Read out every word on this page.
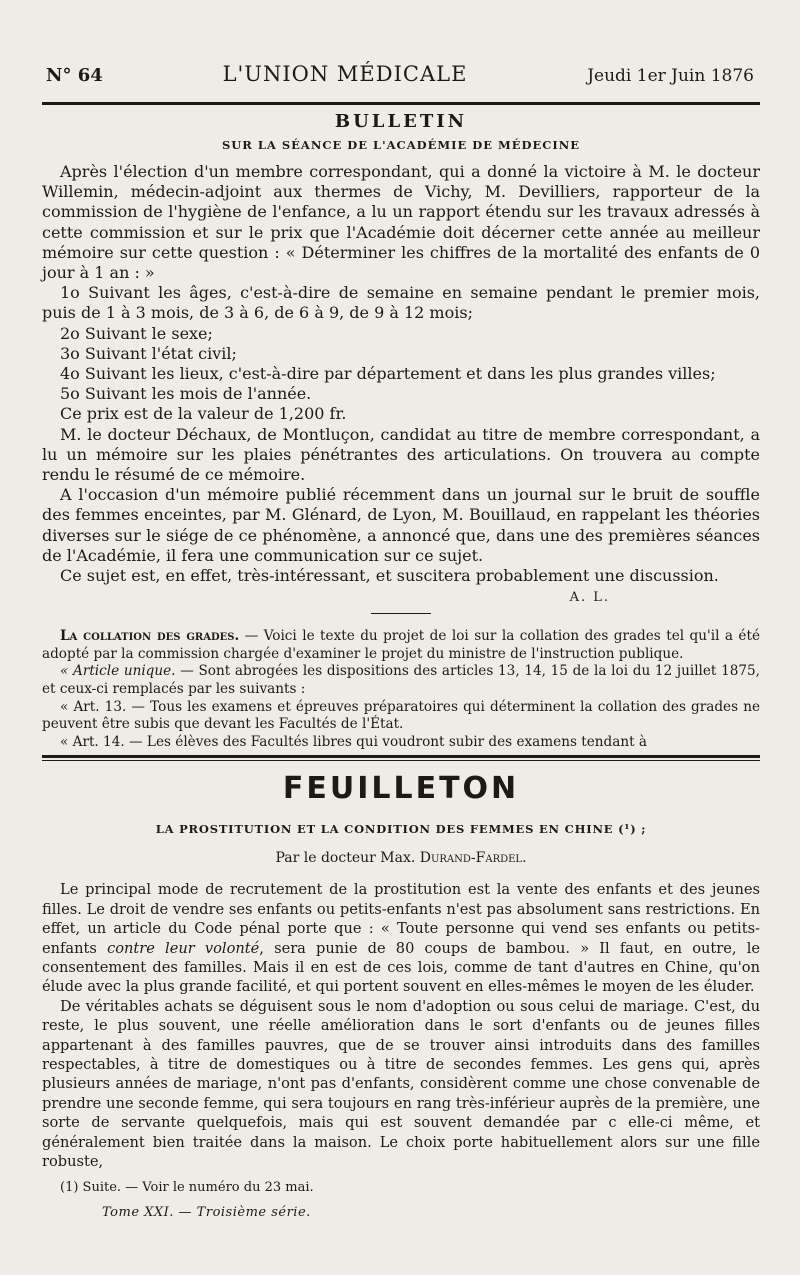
N° 64	L'UNION MÉDICALE	Jeudi 1er Juin 1876
BULLETIN
SUR LA SÉANCE DE L'ACADÉMIE DE MÉDECINE

Après l'élection d'un membre correspondant, qui a donné la victoire à M. le docteur Willemin, médecin-adjoint aux thermes de Vichy, M. Devilliers, rapporteur de la commission de l'hygiène de l'enfance, a lu un rapport étendu sur les travaux adressés à cette commission et sur le prix que l'Académie doit décerner cette année au meilleur mémoire sur cette question : « Déterminer les chiffres de la mortalité des enfants de 0 jour à 1 an : »

1o Suivant les âges, c'est-à-dire de semaine en semaine pendant le premier mois, puis de 1 à 3 mois, de 3 à 6, de 6 à 9, de 9 à 12 mois;

2o Suivant le sexe;

3o Suivant l'état civil;

4o Suivant les lieux, c'est-à-dire par département et dans les plus grandes villes;

5o Suivant les mois de l'année.

Ce prix est de la valeur de 1,200 fr.

M. le docteur Déchaux, de Montluçon, candidat au titre de membre correspondant, a lu un mémoire sur les plaies pénétrantes des articulations. On trouvera au compte rendu le résumé de ce mémoire.

A l'occasion d'un mémoire publié récemment dans un journal sur le bruit de souffle des femmes enceintes, par M. Glénard, de Lyon, M. Bouillaud, en rappelant les théories diverses sur le siége de ce phénomène, a annoncé que, dans une des premières séances de l'Académie, il fera une communication sur ce sujet.

Ce sujet est, en effet, très-intéressant, et suscitera probablement une discussion.

A. L.

La collation des grades. — Voici le texte du projet de loi sur la collation des grades tel qu'il a été adopté par la commission chargée d'examiner le projet du ministre de l'instruction publique.

« Article unique. — Sont abrogées les dispositions des articles 13, 14, 15 de la loi du 12 juillet 1875, et ceux-ci remplacés par les suivants :

« Art. 13. — Tous les examens et épreuves préparatoires qui déterminent la collation des grades ne peuvent être subis que devant les Facultés de l'État.

« Art. 14. — Les élèves des Facultés libres qui voudront subir des examens tendant à

FEUILLETON
LA PROSTITUTION ET LA CONDITION DES FEMMES EN CHINE (¹) ;
Par le docteur Max. Durand-Fardel.

Le principal mode de recrutement de la prostitution est la vente des enfants et des jeunes filles. Le droit de vendre ses enfants ou petits-enfants n'est pas absolument sans restrictions. En effet, un article du Code pénal porte que : « Toute personne qui vend ses enfants ou petits-enfants contre leur volonté, sera punie de 80 coups de bambou. » Il faut, en outre, le consentement des familles. Mais il en est de ces lois, comme de tant d'autres en Chine, qu'on élude avec la plus grande facilité, et qui portent souvent en elles-mêmes le moyen de les éluder.

De véritables achats se déguisent sous le nom d'adoption ou sous celui de mariage. C'est, du reste, le plus souvent, une réelle amélioration dans le sort d'enfants ou de jeunes filles appartenant à des familles pauvres, que de se trouver ainsi introduits dans des familles respectables, à titre de domestiques ou à titre de secondes femmes. Les gens qui, après plusieurs années de mariage, n'ont pas d'enfants, considèrent comme une chose convenable de prendre une seconde femme, qui sera toujours en rang très-inférieur auprès de la première, une sorte de servante quelquefois, mais qui est souvent demandée par c elle-ci même, et généralement bien traitée dans la maison. Le choix porte habituellement alors sur une fille robuste,

(1) Suite. — Voir le numéro du 23 mai.
Tome XXI. — Troisième série.
